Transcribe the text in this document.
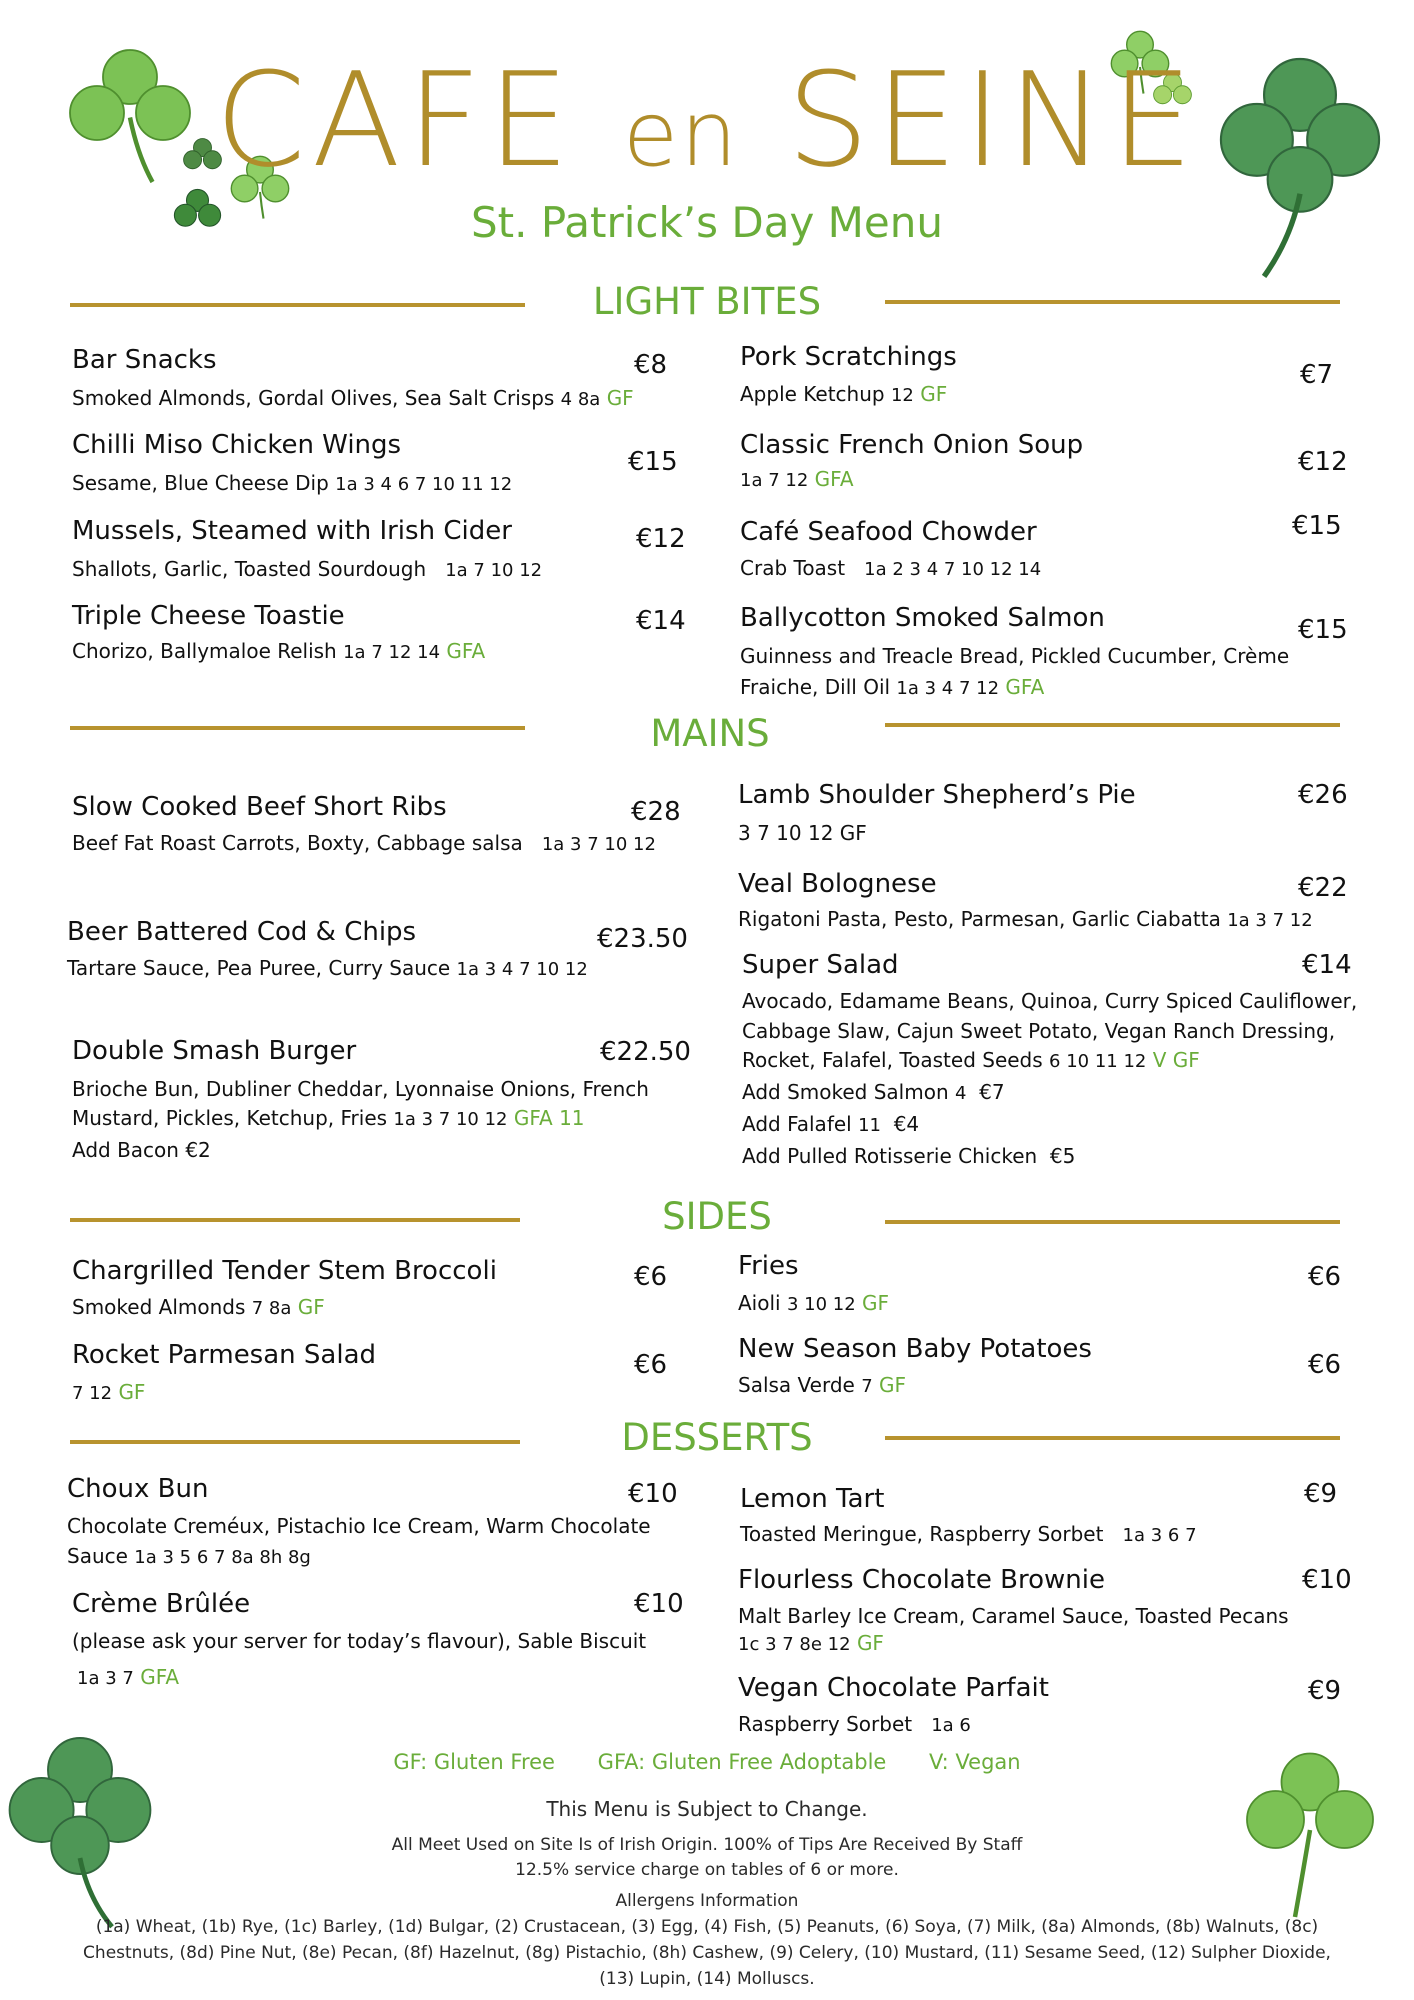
CAFE en SEINE
St. Patrick’s Day Menu
LIGHT BITES
Bar Snacks	€8
Smoked Almonds, Gordal Olives, Sea Salt Crisps 4 8a GF
Chilli Miso Chicken Wings
€15
Sesame, Blue Cheese Dip 1a 3 4 6 7 10 11 12
Mussels, Steamed with Irish Cider	€12
Shallots, Garlic, Toasted Sourdough 1a 7 10 12
Triple Cheese Toastie	€14
Chorizo, Ballymaloe Relish 1a 7 12 14 GFA
Pork Scratchings
€7
Apple Ketchup 12 GF
Classic French Onion Soup
€12
1a 7 12 GFA
Café Seafood Chowder	€15
Crab Toast 1a 2 3 4 7 10 12 14
Ballycotton Smoked Salmon	€15
Guinness and Treacle Bread, Pickled Cucumber, Crème
Fraiche, Dill Oil 1a 3 4 7 12 GFA
MAINS
Slow Cooked Beef Short Ribs	€28
Beef Fat Roast Carrots, Boxty, Cabbage salsa 1a 3 7 10 12
Beer Battered Cod & Chips	€23.50
Tartare Sauce, Pea Puree, Curry Sauce 1a 3 4 7 10 12
Double Smash Burger	€22.50
Brioche Bun, Dubliner Cheddar, Lyonnaise Onions, French
Mustard, Pickles, Ketchup, Fries 1a 3 7 10 12 GFA 11
Add Bacon €2
Lamb Shoulder Shepherd’s Pie	€26
3 7 10 12 GF
Veal Bolognese	€22
Rigatoni Pasta, Pesto, Parmesan, Garlic Ciabatta 1a 3 7 12
Super Salad	€14
Avocado, Edamame Beans, Quinoa, Curry Spiced Cauliflower,
Cabbage Slaw, Cajun Sweet Potato, Vegan Ranch Dressing,
Rocket, Falafel, Toasted Seeds 6 10 11 12 V GF
Add Smoked Salmon 4 €7
Add Falafel 11 €4
Add Pulled Rotisserie Chicken €5
SIDES
Chargrilled Tender Stem Broccoli	€6
Smoked Almonds 7 8a GF
Rocket Parmesan Salad	€6
7 12 GF
Fries	€6
Aioli 3 10 12 GF
New Season Baby Potatoes
€6
Salsa Verde 7 GF
DESSERTS
Choux Bun	€10
Chocolate Creméux, Pistachio Ice Cream, Warm Chocolate
Sauce 1a 3 5 6 7 8a 8h 8g
Crème Brûlée	€10
(please ask your server for today’s flavour), Sable Biscuit
1a 3 7 GFA
Lemon Tart	€9
Toasted Meringue, Raspberry Sorbet 1a 3 6 7
Flourless Chocolate Brownie	€10
Malt Barley Ice Cream, Caramel Sauce, Toasted Pecans
1c 3 7 8e 12 GF
Vegan Chocolate Parfait	€9
Raspberry Sorbet 1a 6
GF: Gluten Free GFA: Gluten Free Adoptable V: Vegan
This Menu is Subject to Change.
All Meet Used on Site Is of Irish Origin. 100% of Tips Are Received By Staff
12.5% service charge on tables of 6 or more.
Allergens Information
(1a) Wheat, (1b) Rye, (1c) Barley, (1d) Bulgar, (2) Crustacean, (3) Egg, (4) Fish, (5) Peanuts, (6) Soya, (7) Milk, (8a) Almonds, (8b) Walnuts, (8c)
Chestnuts, (8d) Pine Nut, (8e) Pecan, (8f) Hazelnut, (8g) Pistachio, (8h) Cashew, (9) Celery, (10) Mustard, (11) Sesame Seed, (12) Sulpher Dioxide,
(13) Lupin, (14) Molluscs.
